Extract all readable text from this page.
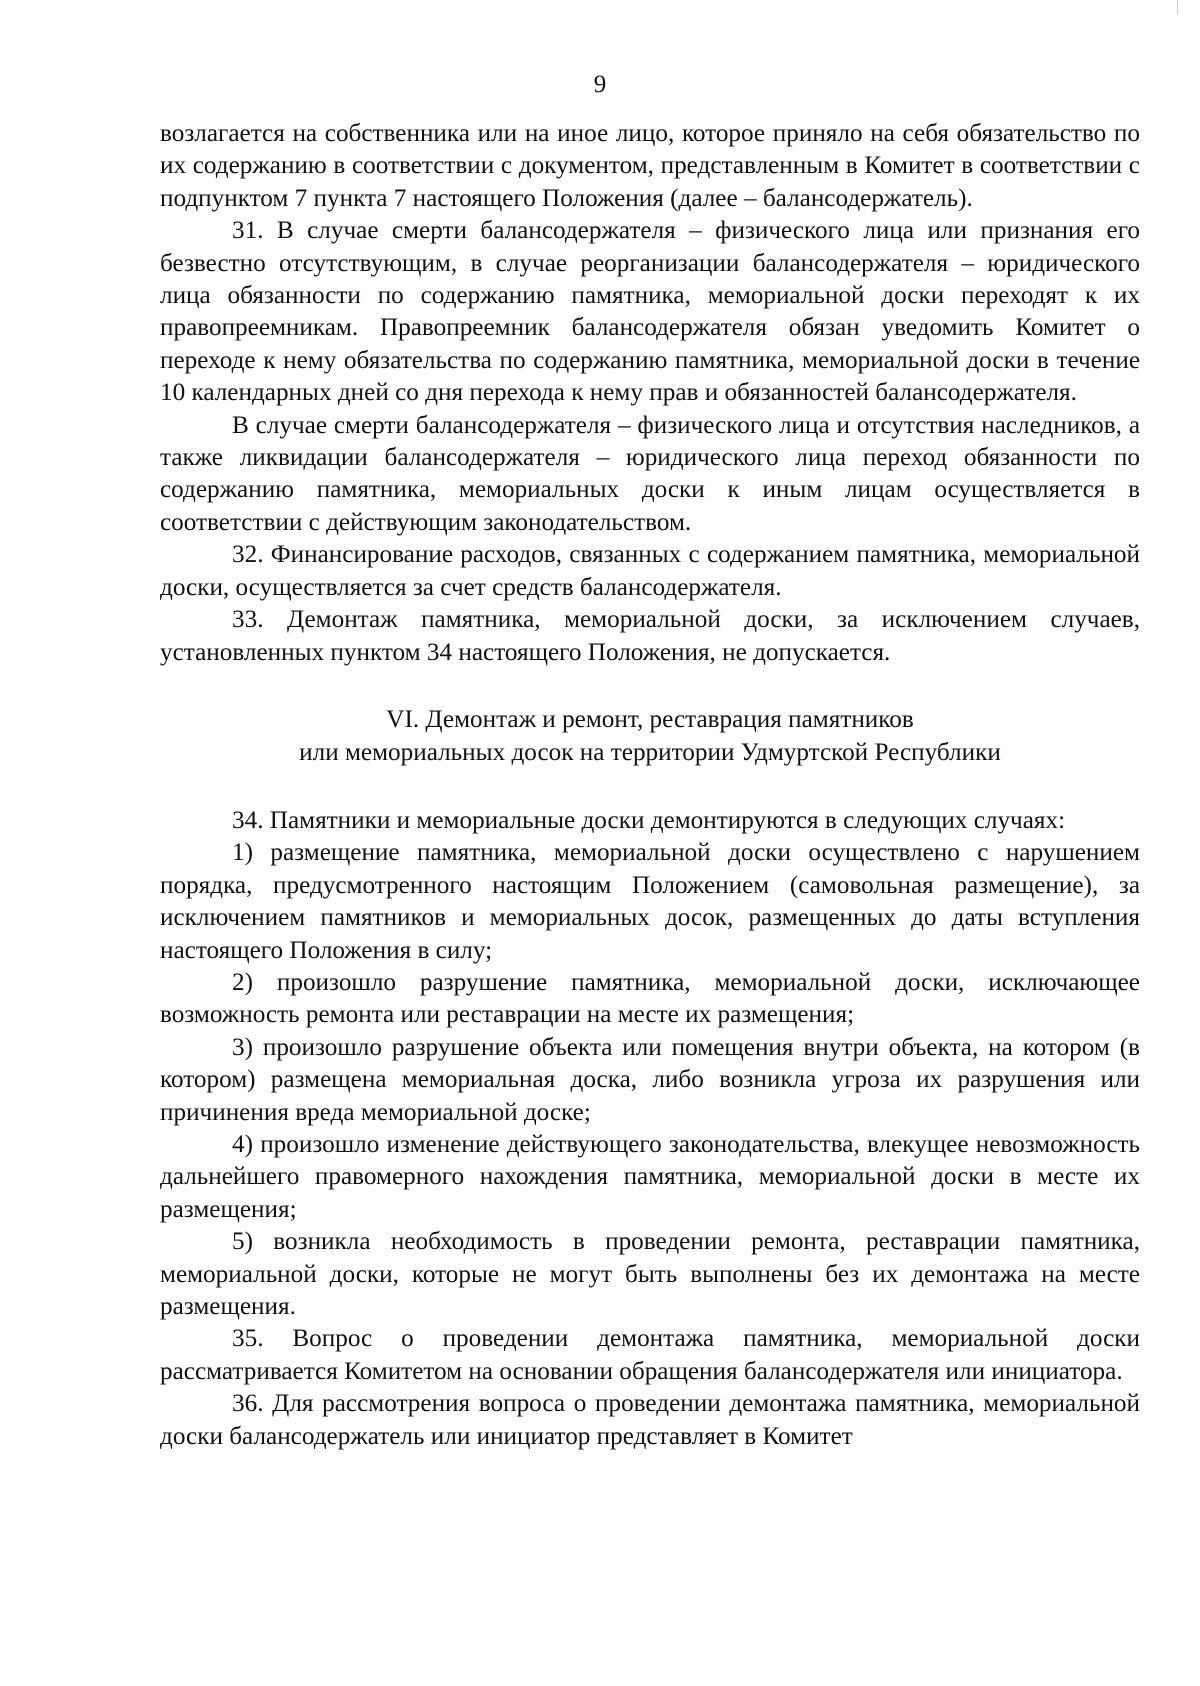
9

возлагается на собственника или на иное лицо, которое приняло на себя обязательство по их содержанию в соответствии с документом, представленным в Комитет в соответствии с подпунктом 7 пункта 7 настоящего Положения (далее – балансодержатель).

31. В случае смерти балансодержателя – физического лица или признания его безвестно отсутствующим, в случае реорганизации балансодержателя – юридического лица обязанности по содержанию памятника, мемориальной доски переходят к их правопреемникам. Правопреемник балансодержателя обязан уведомить Комитет о переходе к нему обязательства по содержанию памятника, мемориальной доски в течение 10 календарных дней со дня перехода к нему прав и обязанностей балансодержателя.

В случае смерти балансодержателя – физического лица и отсутствия наследников, а также ликвидации балансодержателя – юридического лица переход обязанности по содержанию памятника, мемориальных доски к иным лицам осуществляется в соответствии с действующим законодательством.

32. Финансирование расходов, связанных с содержанием памятника, мемориальной доски, осуществляется за счет средств балансодержателя.

33. Демонтаж памятника, мемориальной доски, за исключением случаев, установленных пунктом 34 настоящего Положения, не допускается.

VI. Демонтаж и ремонт, реставрация памятников
или мемориальных досок на территории Удмуртской Республики

34. Памятники и мемориальные доски демонтируются в следующих случаях:

1) размещение памятника, мемориальной доски осуществлено с нарушением порядка, предусмотренного настоящим Положением (самовольная размещение), за исключением памятников и мемориальных досок, размещенных до даты вступления настоящего Положения в силу;

2) произошло разрушение памятника, мемориальной доски, исключающее возможность ремонта или реставрации на месте их размещения;

3) произошло разрушение объекта или помещения внутри объекта, на котором (в котором) размещена мемориальная доска, либо возникла угроза их разрушения или причинения вреда мемориальной доске;

4) произошло изменение действующего законодательства, влекущее невозможность дальнейшего правомерного нахождения памятника, мемориальной доски в месте их размещения;

5) возникла необходимость в проведении ремонта, реставрации памятника, мемориальной доски, которые не могут быть выполнены без их демонтажа на месте размещения.

35. Вопрос о проведении демонтажа памятника, мемориальной доски рассматривается Комитетом на основании обращения балансодержателя или инициатора.

36. Для рассмотрения вопроса о проведении демонтажа памятника, мемориальной доски балансодержатель или инициатор представляет в Комитет
